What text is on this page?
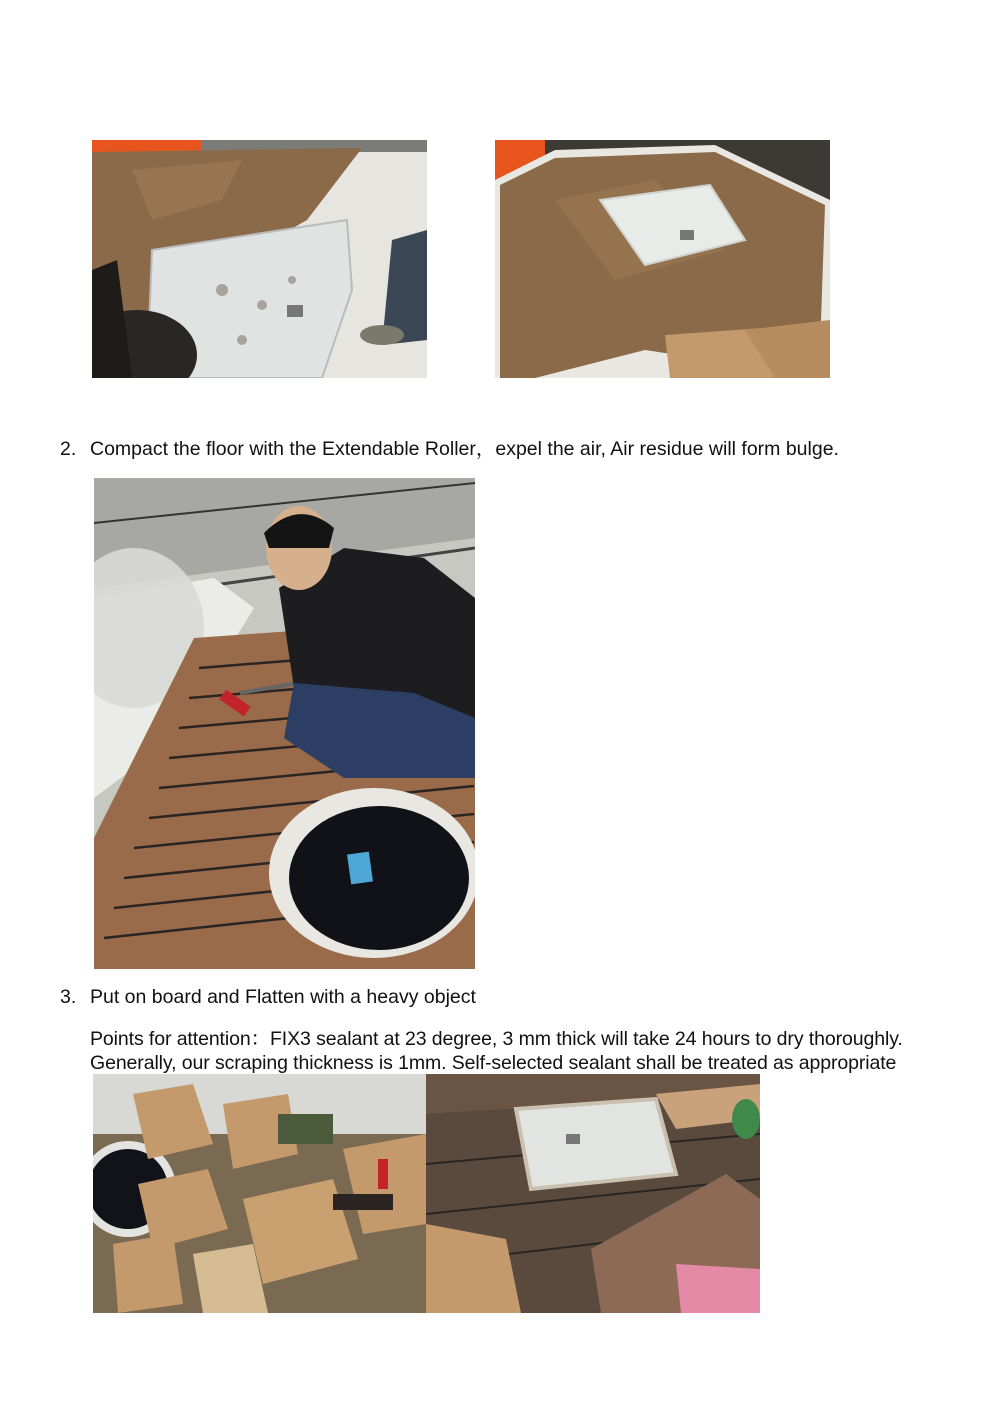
2. Compact the floor with the Extendable Roller，expel the air, Air residue will form bulge.
3. Put on board and Flatten with a heavy object
Points for attention：FIX3 sealant at 23 degree, 3 mm thick will take 24 hours to dry thoroughly.
Generally, our scraping thickness is 1mm. Self-selected sealant shall be treated as appropriate
